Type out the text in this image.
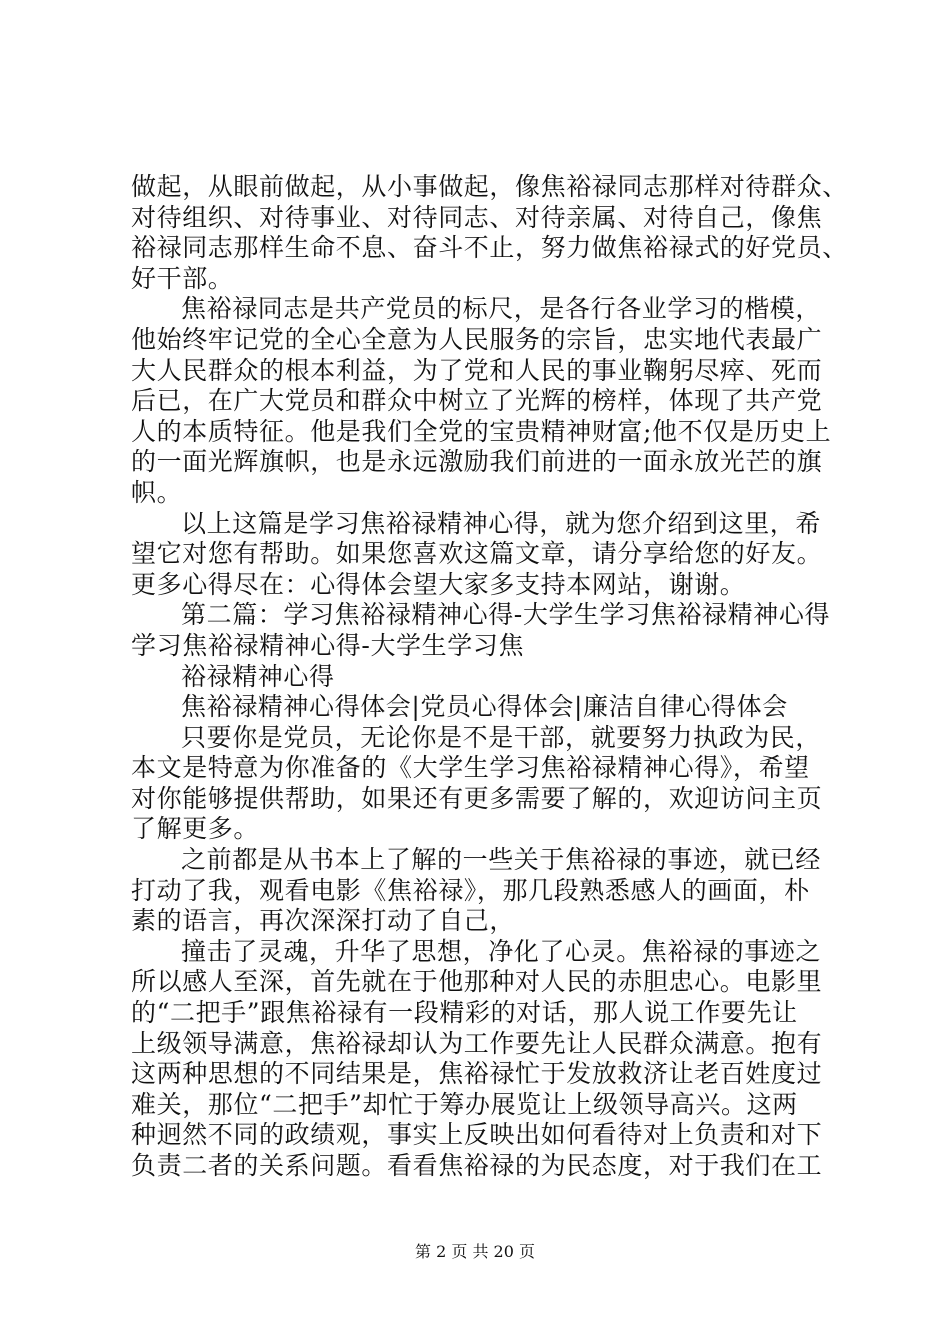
做起，从眼前做起，从小事做起，像焦裕禄同志那样对待群众、
对待组织、对待事业、对待同志、对待亲属、对待自己，像焦
裕禄同志那样生命不息、奋斗不止，努力做焦裕禄式的好党员、
好干部。
焦裕禄同志是共产党员的标尺，是各行各业学习的楷模，
他始终牢记党的全心全意为人民服务的宗旨，忠实地代表最广
大人民群众的根本利益，为了党和人民的事业鞠躬尽瘁、死而
后已，在广大党员和群众中树立了光辉的榜样，体现了共产党
人的本质特征。他是我们全党的宝贵精神财富;他不仅是历史上
的一面光辉旗帜，也是永远激励我们前进的一面永放光芒的旗
帜。
以上这篇是学习焦裕禄精神心得，就为您介绍到这里，希
望它对您有帮助。如果您喜欢这篇文章，请分享给您的好友。
更多心得尽在：心得体会望大家多支持本网站，谢谢。
第二篇：学习焦裕禄精神心得-大学生学习焦裕禄精神心得
学习焦裕禄精神心得-大学生学习焦
裕禄精神心得
焦裕禄精神心得体会|党员心得体会|廉洁自律心得体会
只要你是党员，无论你是不是干部，就要努力执政为民，
本文是特意为你准备的《大学生学习焦裕禄精神心得》，希望
对你能够提供帮助，如果还有更多需要了解的，欢迎访问主页
了解更多。
之前都是从书本上了解的一些关于焦裕禄的事迹，就已经
打动了我，观看电影《焦裕禄》，那几段熟悉感人的画面，朴
素的语言，再次深深打动了自己，
撞击了灵魂，升华了思想，净化了心灵。焦裕禄的事迹之
所以感人至深，首先就在于他那种对人民的赤胆忠心。电影里
的“二把手”跟焦裕禄有一段精彩的对话，那人说工作要先让
上级领导满意，焦裕禄却认为工作要先让人民群众满意。抱有
这两种思想的不同结果是，焦裕禄忙于发放救济让老百姓度过
难关，那位“二把手”却忙于筹办展览让上级领导高兴。这两
种迥然不同的政绩观，事实上反映出如何看待对上负责和对下
负责二者的关系问题。看看焦裕禄的为民态度，对于我们在工
第 2 页 共 20 页
